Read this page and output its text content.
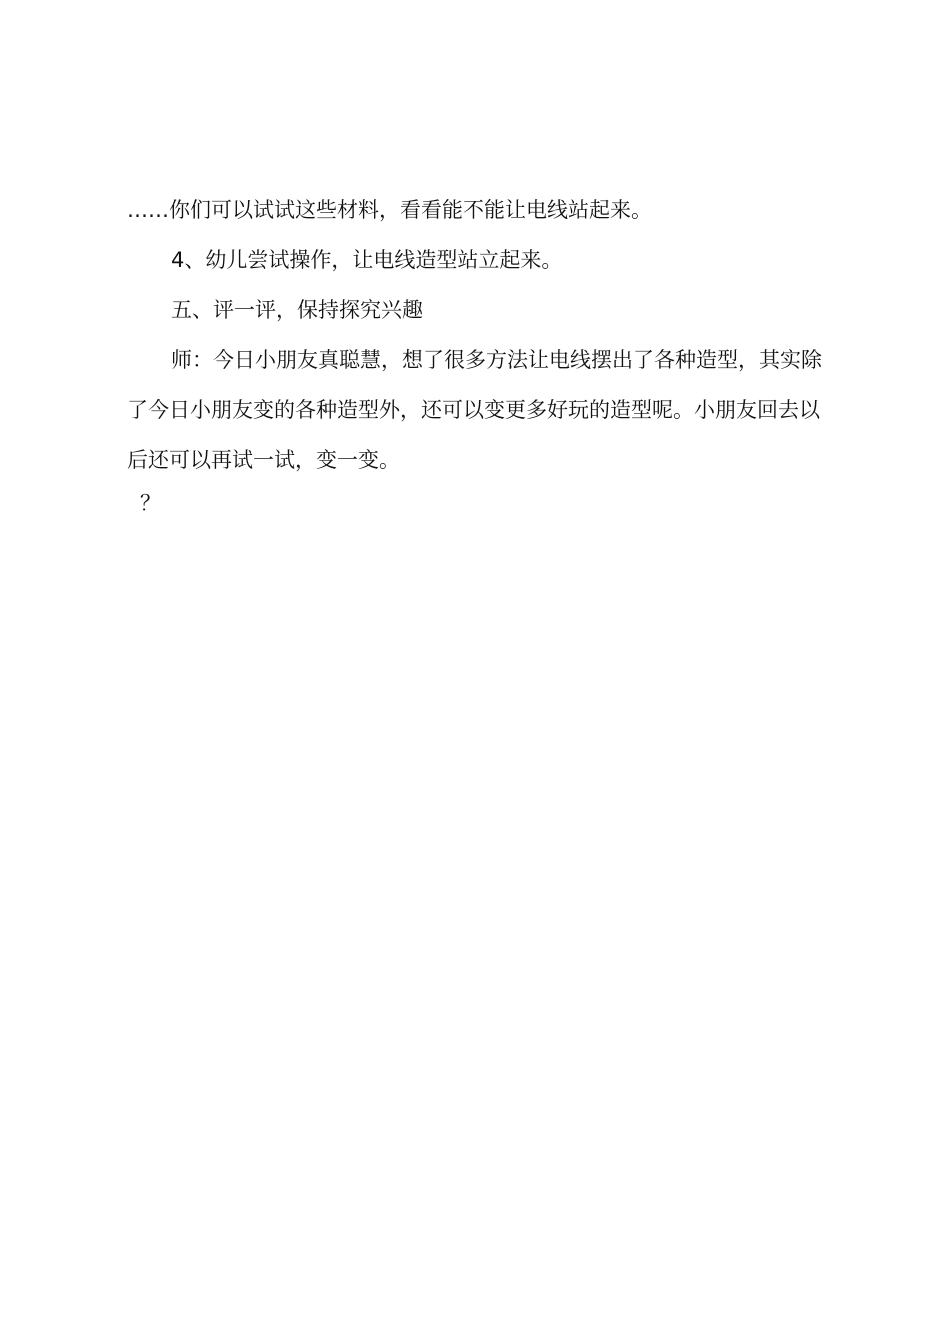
……你们可以试试这些材料，看看能不能让电线站起来。

4、幼儿尝试操作，让电线造型站立起来。

五、评一评，保持探究兴趣

师：今日小朋友真聪慧，想了很多方法让电线摆出了各种造型，其实除了今日小朋友变的各种造型外，还可以变更多好玩的造型呢。小朋友回去以后还可以再试一试，变一变。

？
